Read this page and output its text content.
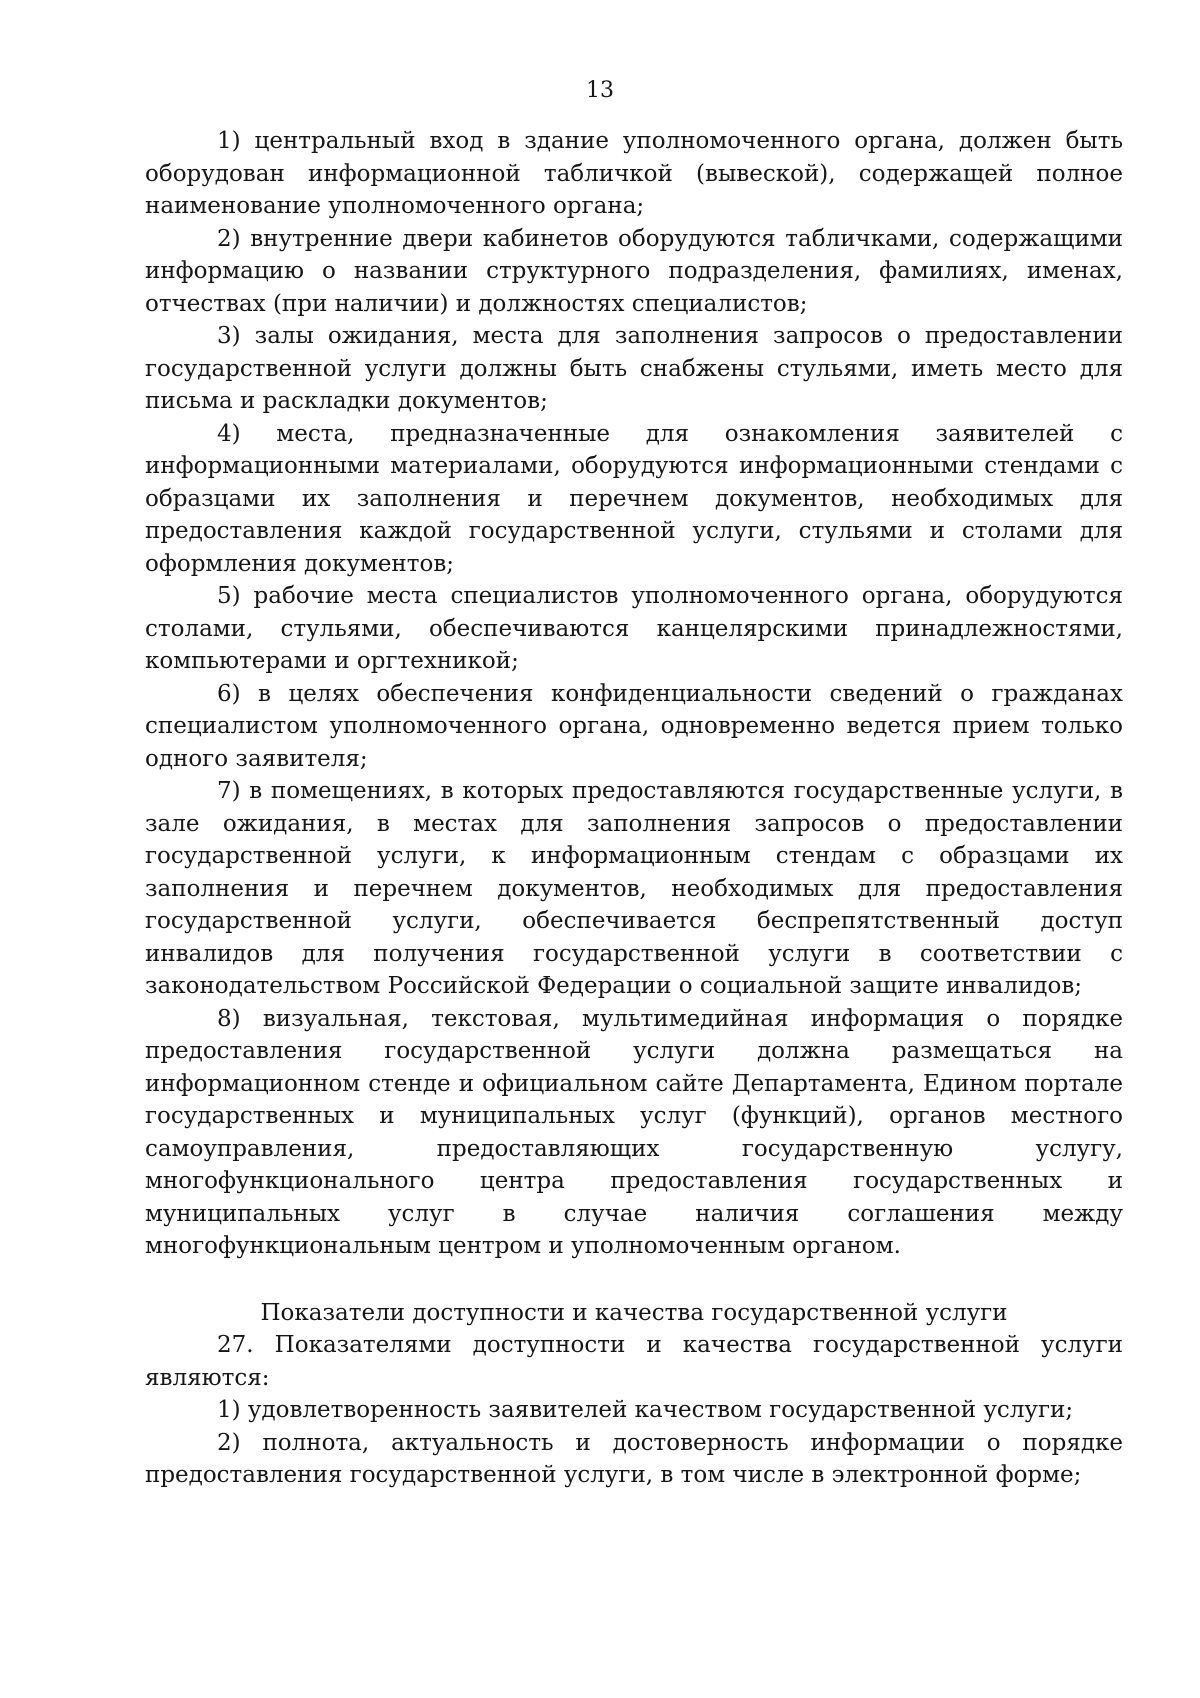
13

1) центральный вход в здание уполномоченного органа, должен быть оборудован информационной табличкой (вывеской), содержащей полное наименование уполномоченного органа;

2) внутренние двери кабинетов оборудуются табличками, содержащими информацию о названии структурного подразделения, фамилиях, именах, отчествах (при наличии) и должностях специалистов;

3) залы ожидания, места для заполнения запросов о предоставлении государственной услуги должны быть снабжены стульями, иметь место для письма и раскладки документов;

4) места, предназначенные для ознакомления заявителей с информационными материалами, оборудуются информационными стендами с образцами их заполнения и перечнем документов, необходимых для предоставления каждой государственной услуги, стульями и столами для оформления документов;

5) рабочие места специалистов уполномоченного органа, оборудуются столами, стульями, обеспечиваются канцелярскими принадлежностями, компьютерами и оргтехникой;

6) в целях обеспечения конфиденциальности сведений о гражданах специалистом уполномоченного органа, одновременно ведется прием только одного заявителя;

7) в помещениях, в которых предоставляются государственные услуги, в зале ожидания, в местах для заполнения запросов о предоставлении государственной услуги, к информационным стендам с образцами их заполнения и перечнем документов, необходимых для предоставления государственной услуги, обеспечивается беспрепятственный доступ инвалидов для получения государственной услуги в соответствии с законодательством Российской Федерации о социальной защите инвалидов;

8) визуальная, текстовая, мультимедийная информация о порядке предоставления государственной услуги должна размещаться на информационном стенде и официальном сайте Департамента, Едином портале государственных и муниципальных услуг (функций), органов местного самоуправления, предоставляющих государственную услугу, многофункционального центра предоставления государственных и муниципальных услуг в случае наличия соглашения между многофункциональным центром и уполномоченным органом.

Показатели доступности и качества государственной услуги

27. Показателями доступности и качества государственной услуги являются:

1) удовлетворенность заявителей качеством государственной услуги;

2) полнота, актуальность и достоверность информации о порядке предоставления государственной услуги, в том числе в электронной форме;
